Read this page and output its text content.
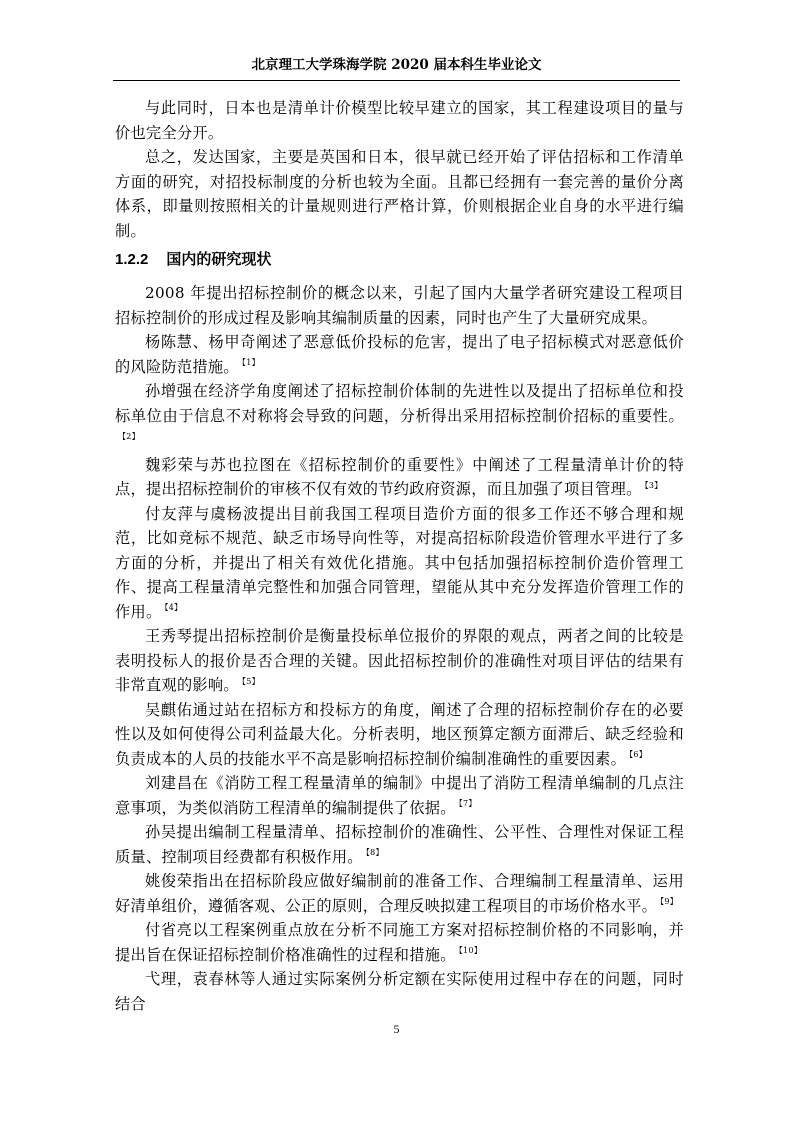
北京理工大学珠海学院 2020 届本科生毕业论文

与此同时，日本也是清单计价模型比较早建立的国家，其工程建设项目的量与价也完全分开。

总之，发达国家，主要是英国和日本，很早就已经开始了评估招标和工作清单方面的研究，对招投标制度的分析也较为全面。且都已经拥有一套完善的量价分离体系，即量则按照相关的计量规则进行严格计算，价则根据企业自身的水平进行编制。

1.2.2 国内的研究现状

2008 年提出招标控制价的概念以来，引起了国内大量学者研究建设工程项目招标控制价的形成过程及影响其编制质量的因素，同时也产生了大量研究成果。

杨陈慧、杨甲奇阐述了恶意低价投标的危害，提出了电子招标模式对恶意低价的风险防范措施。 $^{【1】}$

孙增强在经济学角度阐述了招标控制价体制的先进性以及提出了招标单位和投标单位由于信息不对称将会导致的问题，分析得出采用招标控制价招标的重要性。$^{【2】}$

魏彩荣与苏也拉图在《招标控制价的重要性》中阐述了工程量清单计价的特点，提出招标控制价的审核不仅有效的节约政府资源，而且加强了项目管理。 $^{【3】}$

付友萍与虞杨波提出目前我国工程项目造价方面的很多工作还不够合理和规范，比如竞标不规范、缺乏市场导向性等，对提高招标阶段造价管理水平进行了多方面的分析，并提出了相关有效优化措施。其中包括加强招标控制价造价管理工作、提高工程量清单完整性和加强合同管理，望能从其中充分发挥造价管理工作的作用。 $^{【4】}$

王秀琴提出招标控制价是衡量投标单位报价的界限的观点，两者之间的比较是表明投标人的报价是否合理的关键。因此招标控制价的准确性对项目评估的结果有非常直观的影响。 $^{【5】}$

吴麒佑通过站在招标方和投标方的角度，阐述了合理的招标控制价存在的必要性以及如何使得公司利益最大化。分析表明，地区预算定额方面滞后、缺乏经验和负责成本的人员的技能水平不高是影响招标控制价编制准确性的重要因素。 $^{【6】}$

刘建昌在《消防工程工程量清单的编制》中提出了消防工程清单编制的几点注意事项，为类似消防工程清单的编制提供了依据。 $^{【7】}$

孙吴提出编制工程量清单、招标控制价的准确性、公平性、合理性对保证工程质量、控制项目经费都有积极作用。 $^{【8】}$

姚俊荣指出在招标阶段应做好编制前的准备工作、合理编制工程量清单、运用好清单组价，遵循客观、公正的原则，合理反映拟建工程项目的市场价格水平。 $^{【9】}$

付省亮以工程案例重点放在分析不同施工方案对招标控制价格的不同影响，并提出旨在保证招标控制价格准确性的过程和措施。 $^{【10】}$

弋理，袁春林等人通过实际案例分析定额在实际使用过程中存在的问题，同时结合

5
